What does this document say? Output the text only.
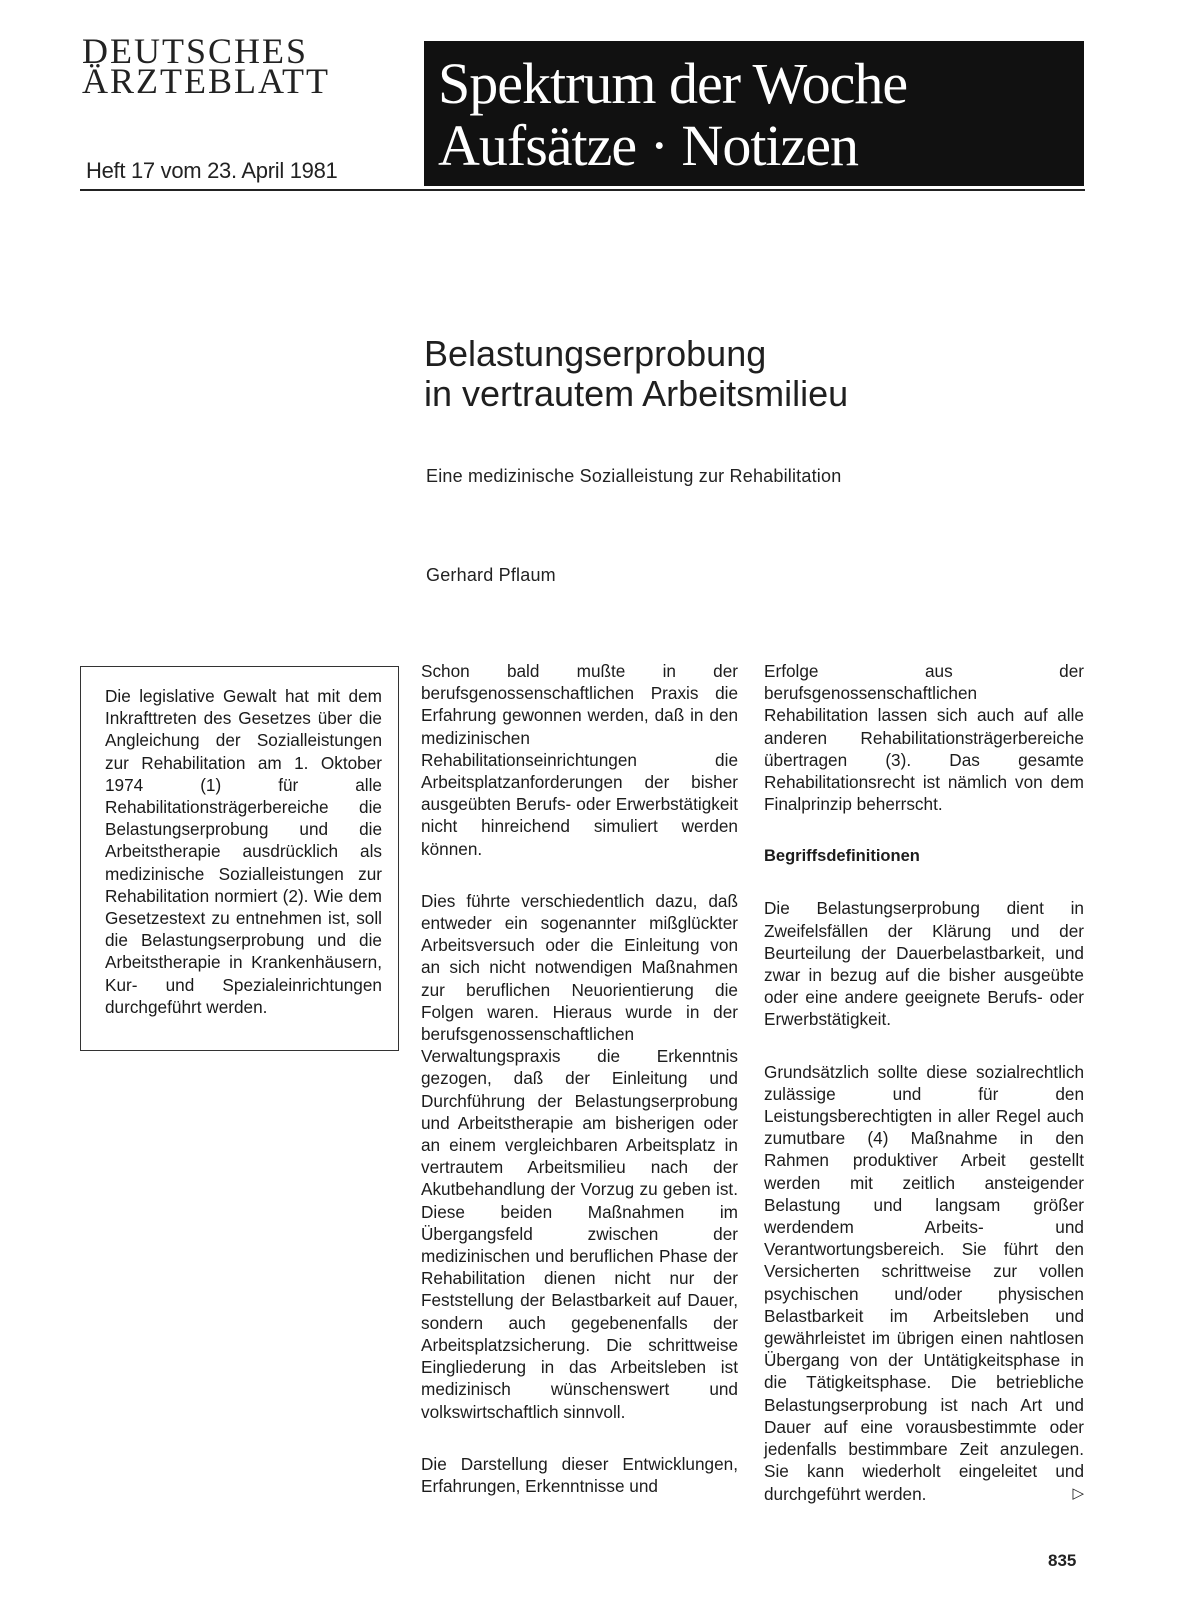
DEUTSCHES
ÄRZTEBLATT
Heft 17 vom 23. April 1981
Spektrum der Woche
Aufsätze · Notizen
Belastungserprobung
in vertrautem Arbeitsmilieu
Eine medizinische Sozialleistung zur Rehabilitation
Gerhard Pflaum

Die legislative Gewalt hat mit dem Inkrafttreten des Gesetzes über die Angleichung der Sozialleistungen zur Rehabilitation am 1. Oktober 1974 (1) für alle Rehabilitationsträgerbereiche die Belastungserprobung und die Arbeitstherapie ausdrücklich als medizinische Sozialleistungen zur Rehabilitation normiert (2). Wie dem Gesetzestext zu entnehmen ist, soll die Belastungserprobung und die Arbeitstherapie in Krankenhäusern, Kur- und Spezialeinrichtungen durchgeführt werden.

Schon bald mußte in der berufsgenossenschaftlichen Praxis die Erfahrung gewonnen werden, daß in den medizinischen Rehabilitationseinrichtungen die Arbeitsplatzanforderungen der bisher ausgeübten Berufs- oder Erwerbstätigkeit nicht hinreichend simuliert werden können.

Dies führte verschiedentlich dazu, daß entweder ein sogenannter mißglückter Arbeitsversuch oder die Einleitung von an sich nicht notwendigen Maßnahmen zur beruflichen Neuorientierung die Folgen waren. Hieraus wurde in der berufsgenossenschaftlichen Verwaltungspraxis die Erkenntnis gezogen, daß der Einleitung und Durchführung der Belastungserprobung und Arbeitstherapie am bisherigen oder an einem vergleichbaren Arbeitsplatz in vertrautem Arbeitsmilieu nach der Akutbehandlung der Vorzug zu geben ist. Diese beiden Maßnahmen im Übergangsfeld zwischen der medizinischen und beruflichen Phase der Rehabilitation dienen nicht nur der Feststellung der Belastbarkeit auf Dauer, sondern auch gegebenenfalls der Arbeitsplatzsicherung. Die schrittweise Eingliederung in das Arbeitsleben ist medizinisch wünschenswert und volkswirtschaftlich sinnvoll.

Die Darstellung dieser Entwicklungen, Erfahrungen, Erkenntnisse und

Erfolge aus der berufsgenossenschaftlichen Rehabilitation lassen sich auch auf alle anderen Rehabilitationsträgerbereiche übertragen (3). Das gesamte Rehabilitationsrecht ist nämlich von dem Finalprinzip beherrscht.

Begriffsdefinitionen

Die Belastungserprobung dient in Zweifelsfällen der Klärung und der Beurteilung der Dauerbelastbarkeit, und zwar in bezug auf die bisher ausgeübte oder eine andere geeignete Berufs- oder Erwerbstätigkeit.

Grundsätzlich sollte diese sozialrechtlich zulässige und für den Leistungsberechtigten in aller Regel auch zumutbare (4) Maßnahme in den Rahmen produktiver Arbeit gestellt werden mit zeitlich ansteigender Belastung und langsam größer werdendem Arbeits- und Verantwortungsbereich. Sie führt den Versicherten schrittweise zur vollen psychischen und/oder physischen Belastbarkeit im Arbeitsleben und gewährleistet im übrigen einen nahtlosen Übergang von der Untätigkeitsphase in die Tätigkeitsphase. Die betriebliche Belastungserprobung ist nach Art und Dauer auf eine vorausbestimmte oder jedenfalls bestimmbare Zeit anzulegen. Sie kann wiederholt eingeleitet und durchgeführt werden.	▷

835
